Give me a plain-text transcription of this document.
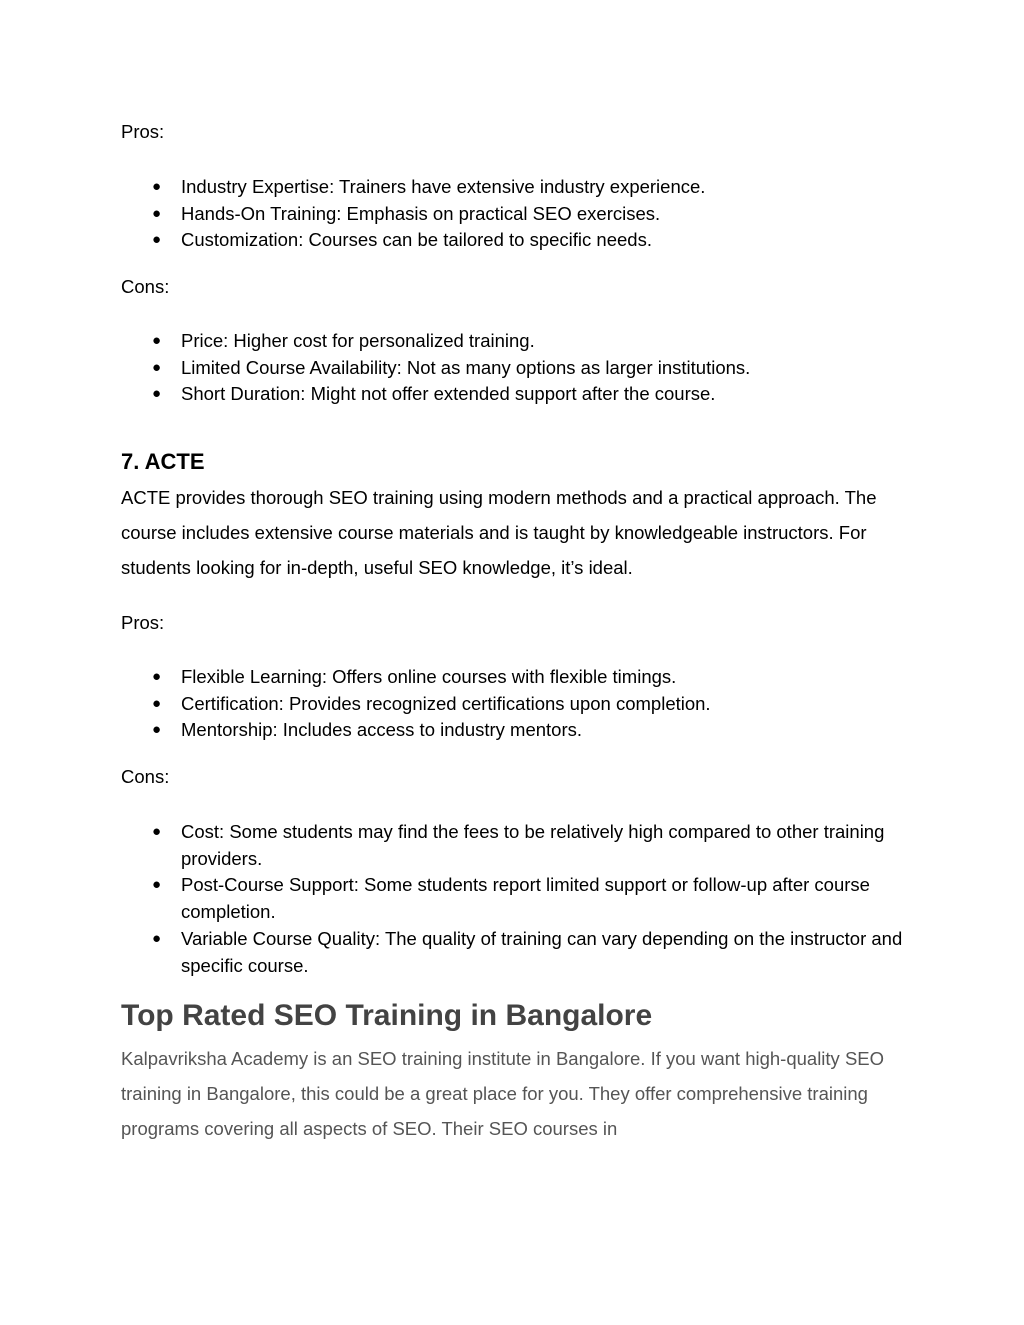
Pros:

● Industry Expertise: Trainers have extensive industry experience.
● Hands-On Training: Emphasis on practical SEO exercises.
● Customization: Courses can be tailored to specific needs.

Cons:

● Price: Higher cost for personalized training.
● Limited Course Availability: Not as many options as larger institutions.
● Short Duration: Might not offer extended support after the course.
7. ACTE

ACTE provides thorough SEO training using modern methods and a practical approach. The course includes extensive course materials and is taught by knowledgeable instructors. For students looking for in-depth, useful SEO knowledge, it’s ideal.

Pros:

● Flexible Learning: Offers online courses with flexible timings.
● Certification: Provides recognized certifications upon completion.
● Mentorship: Includes access to industry mentors.

Cons:

● Cost: Some students may find the fees to be relatively high compared to other training providers.
● Post-Course Support: Some students report limited support or follow-up after course completion.
● Variable Course Quality: The quality of training can vary depending on the instructor and specific course.
Top Rated SEO Training in Bangalore

Kalpavriksha Academy is an SEO training institute in Bangalore. If you want high-quality SEO training in Bangalore, this could be a great place for you. They offer comprehensive training programs covering all aspects of SEO. Their SEO courses in
